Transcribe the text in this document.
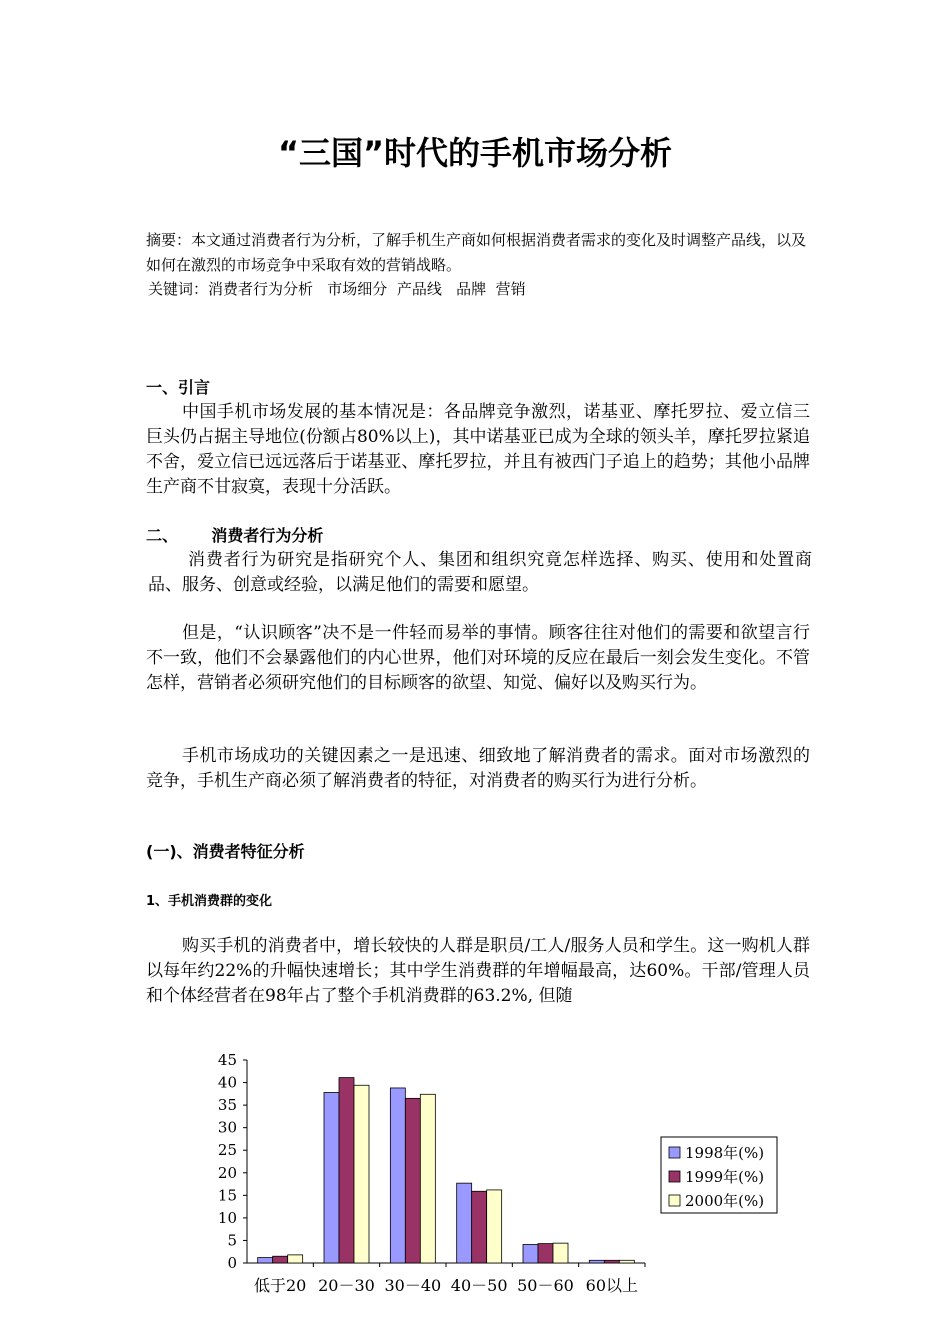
“三国”时代的手机市场分析
摘要：本文通过消费者行为分析，了解手机生产商如何根据消费者需求的变化及时调整产品线，以及如何在激烈的市场竞争中采取有效的营销战略。
关键词：消费者行为分析   市场细分  产品线   品牌  营销
一、引言
中国手机市场发展的基本情况是：各品牌竞争激烈，诺基亚、摩托罗拉、爱立信三巨头仍占据主导地位(份额占80%以上)，其中诺基亚已成为全球的领头羊，摩托罗拉紧追不舍，爱立信已远远落后于诺基亚、摩托罗拉，并且有被西门子追上的趋势；其他小品牌生产商不甘寂寞，表现十分活跃。
二、      消费者行为分析
消费者行为研究是指研究个人、集团和组织究竟怎样选择、购买、使用和处置商品、服务、创意或经验，以满足他们的需要和愿望。
但是，“认识顾客”决不是一件轻而易举的事情。顾客往往对他们的需要和欲望言行不一致，他们不会暴露他们的内心世界，他们对环境的反应在最后一刻会发生变化。不管怎样，营销者必须研究他们的目标顾客的欲望、知觉、偏好以及购买行为。
手机市场成功的关键因素之一是迅速、细致地了解消费者的需求。面对市场激烈的竞争，手机生产商必须了解消费者的特征，对消费者的购买行为进行分析。
(一)、消费者特征分析
1、手机消费群的变化
购买手机的消费者中，增长较快的人群是职员/工人/服务人员和学生。这一购机人群以每年约22%的升幅快速增长；其中学生消费群的年增幅最高，达60%。干部/管理人员和个体经营者在98年占了整个手机消费群的63.2%, 但随
0
5
10
15
20
25
30
35
40
45
低于20 20－30 30－40 40－50 50－60 60以上
1998年(%)
1999年(%)
2000年(%)
